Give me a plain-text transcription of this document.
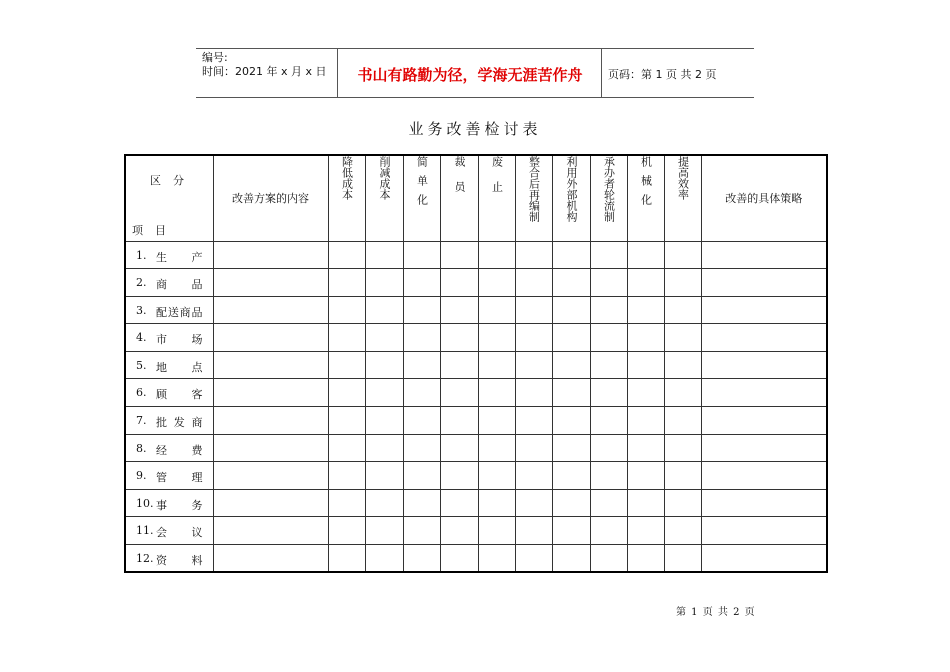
编号:
时间：2021 年 x 月 x 日	书山有路勤为径，学海无涯苦作舟	页码：第 1 页 共 2 页
业务改善检讨表
区分
项目	改善方案的内容	降低成本	削减成本	简单化	裁员	废止	整合后再编制	利用外部机构	承办者轮流制	机械化	提高效率	改善的具体策略

1. 生产												

2. 商品												

3. 配送商品												

4. 市场												

5. 地点												

6. 顾客												

7. 批发商												

8. 经费												

9. 管理												

10. 事务												

11. 会议												

12. 资料												

第 1 页 共 2 页
